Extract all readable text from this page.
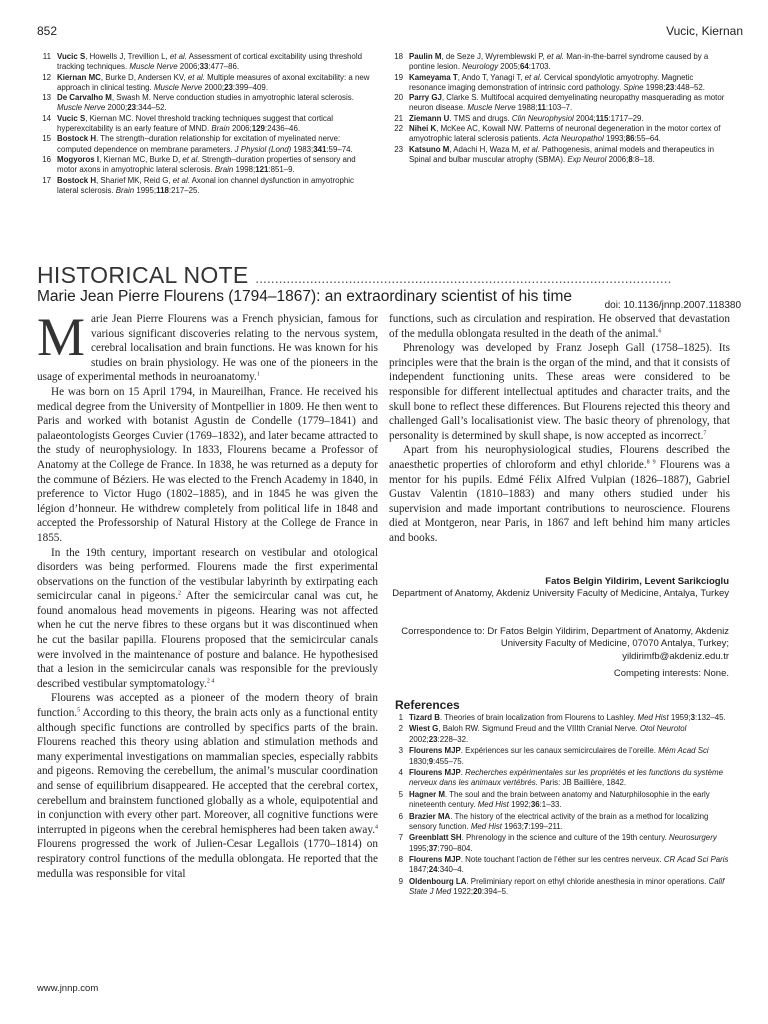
852	Vucic, Kiernan
11 Vucic S, Howells J, Trevillion L, et al. Assessment of cortical excitability using threshold tracking techniques. Muscle Nerve 2006;33:477–86.
12 Kiernan MC, Burke D, Andersen KV, et al. Multiple measures of axonal excitability: a new approach in clinical testing. Muscle Nerve 2000;23:399–409.
13 De Carvalho M, Swash M. Nerve conduction studies in amyotrophic lateral sclerosis. Muscle Nerve 2000;23:344–52.
14 Vucic S, Kiernan MC. Novel threshold tracking techniques suggest that cortical hyperexcitability is an early feature of MND. Brain 2006;129:2436–46.
15 Bostock H. The strength–duration relationship for excitation of myelinated nerve: computed dependence on membrane parameters. J Physiol (Lond) 1983;341:59–74.
16 Mogyoros I, Kiernan MC, Burke D, et al. Strength–duration properties of sensory and motor axons in amyotrophic lateral sclerosis. Brain 1998;121:851–9.
17 Bostock H, Sharief MK, Reid G, et al. Axonal ion channel dysfunction in amyotrophic lateral sclerosis. Brain 1995;118:217–25.
18 Paulin M, de Seze J, Wyremblewski P, et al. Man-in-the-barrel syndrome caused by a pontine lesion. Neurology 2005;64:1703.
19 Kameyama T, Ando T, Yanagi T, et al. Cervical spondylotic amyotrophy. Magnetic resonance imaging demonstration of intrinsic cord pathology. Spine 1998;23:448–52.
20 Parry GJ, Clarke S. Multifocal acquired demyelinating neuropathy masquerading as motor neuron disease. Muscle Nerve 1988;11:103–7.
21 Ziemann U. TMS and drugs. Clin Neurophysiol 2004;115:1717–29.
22 Nihei K, McKee AC, Kowall NW. Patterns of neuronal degeneration in the motor cortex of amyotrophic lateral sclerosis patients. Acta Neuropathol 1993;86:55–64.
23 Katsuno M, Adachi H, Waza M, et al. Pathogenesis, animal models and therapeutics in Spinal and bulbar muscular atrophy (SBMA). Exp Neurol 2006;8:8–18.
HISTORICAL NOTE ...........................................................................................................
doi: 10.1136/jnnp.2007.118380
Marie Jean Pierre Flourens (1794–1867): an extraordinary scientist of his time

Marie Jean Pierre Flourens was a French physician, famous for various significant discoveries relating to the nervous system, cerebral localisation and brain functions. He was known for his studies on brain physiology. He was one of the pioneers in the usage of experimental methods in neuroanatomy.$^1$

He was born on 15 April 1794, in Maureilhan, France. He received his medical degree from the University of Montpellier in 1809. He then went to Paris and worked with botanist Agustin de Condelle (1779–1841) and palaeontologists Georges Cuvier (1769–1832), and later became attracted to the study of neurophysiology. In 1833, Flourens became a Professor of Anatomy at the College de France. In 1838, he was returned as a deputy for the commune of Béziers. He was elected to the French Academy in 1840, in preference to Victor Hugo (1802–1885), and in 1845 he was given the légion d’honneur. He withdrew completely from political life in 1848 and accepted the Professorship of Natural History at the College de France in 1855.

In the 19th century, important research on vestibular and otological disorders was being performed. Flourens made the first experimental observations on the function of the vestibular labyrinth by extirpating each semicircular canal in pigeons.$^2$ After the semicircular canal was cut, he found anomalous head movements in pigeons. Hearing was not affected when he cut the nerve fibres to these organs but it was discontinued when he cut the basilar papilla. Flourens proposed that the semicircular canals were involved in the maintenance of posture and balance. He hypothesised that a lesion in the semicircular canals was responsible for the previously described vestibular symptomatology.$^{2 4}$

Flourens was accepted as a pioneer of the modern theory of brain function.$^5$ According to this theory, the brain acts only as a functional entity although specific functions are controlled by specifics parts of the brain. Flourens reached this theory using ablation and stimulation methods and many experimental investigations on mammalian species, especially rabbits and pigeons. Removing the cerebellum, the animal’s muscular coordination and sense of equilibrium disappeared. He accepted that the cerebral cortex, cerebellum and brainstem functioned globally as a whole, equipotential and in conjunction with every other part. Moreover, all cognitive functions were interrupted in pigeons when the cerebral hemispheres had been taken away.$^4$ Flourens progressed the work of Julien-Cesar Legallois (1770–1814) on respiratory control functions of the medulla oblongata. He reported that the medulla was responsible for vital

functions, such as circulation and respiration. He observed that devastation of the medulla oblongata resulted in the death of the animal.$^6$

Phrenology was developed by Franz Joseph Gall (1758–1825). Its principles were that the brain is the organ of the mind, and that it consists of independent functioning units. These areas were considered to be responsible for different intellectual aptitudes and character traits, and the skull bone to reflect these differences. But Flourens rejected this theory and challenged Gall’s localisationist view. The basic theory of phrenology, that personality is determined by skull shape, is now accepted as incorrect.$^7$

Apart from his neurophysiological studies, Flourens described the anaesthetic properties of chloroform and ethyl chloride.$^{8 9}$ Flourens was a mentor for his pupils. Edmé Félix Alfred Vulpian (1826–1887), Gabriel Gustav Valentin (1810–1883) and many others studied under his supervision and made important contributions to neuroscience. Flourens died at Montgeron, near Paris, in 1867 and left behind him many articles and books.

Fatos Belgin Yildirim, Levent Sarikcioglu
Department of Anatomy, Akdeniz University Faculty of Medicine, Antalya, Turkey
Correspondence to: Dr Fatos Belgin Yildirim, Department of Anatomy, Akdeniz University Faculty of Medicine, 07070 Antalya, Turkey;
yildirimfb@akdeniz.edu.tr
Competing interests: None.
References
1 Tizard B. Theories of brain localization from Flourens to Lashley. Med Hist 1959;3:132–45.
2 Wiest G, Baloh RW. Sigmund Freud and the VIIIth Cranial Nerve. Otol Neurotol 2002;23:228–32.
3 Flourens MJP. Expériences sur les canaux semicirculaires de l’oreille. Mém Acad Sci 1830;9:455–75.
4 Flourens MJP. Recherches expérimentales sur les propriétés et les functions du système nerveux dans les animaux vertébrés. Paris: JB Baillière, 1842.
5 Hagner M. The soul and the brain between anatomy and Naturphilosophie in the early nineteenth century. Med Hist 1992;36:1–33.
6 Brazier MA. The history of the electrical activity of the brain as a method for localizing sensory function. Med Hist 1963;7:199–211.
7 Greenblatt SH. Phrenology in the science and culture of the 19th century. Neurosurgery 1995;37:790–804.
8 Flourens MJP. Note touchant l’action de l’éther sur les centres nerveux. CR Acad Sci Paris 1847;24:340–4.
9 Oldenbourg LA. Preliminiary report on ethyl chloride anesthesia in minor operations. Calif State J Med 1922;20:394–5.
www.jnnp.com
